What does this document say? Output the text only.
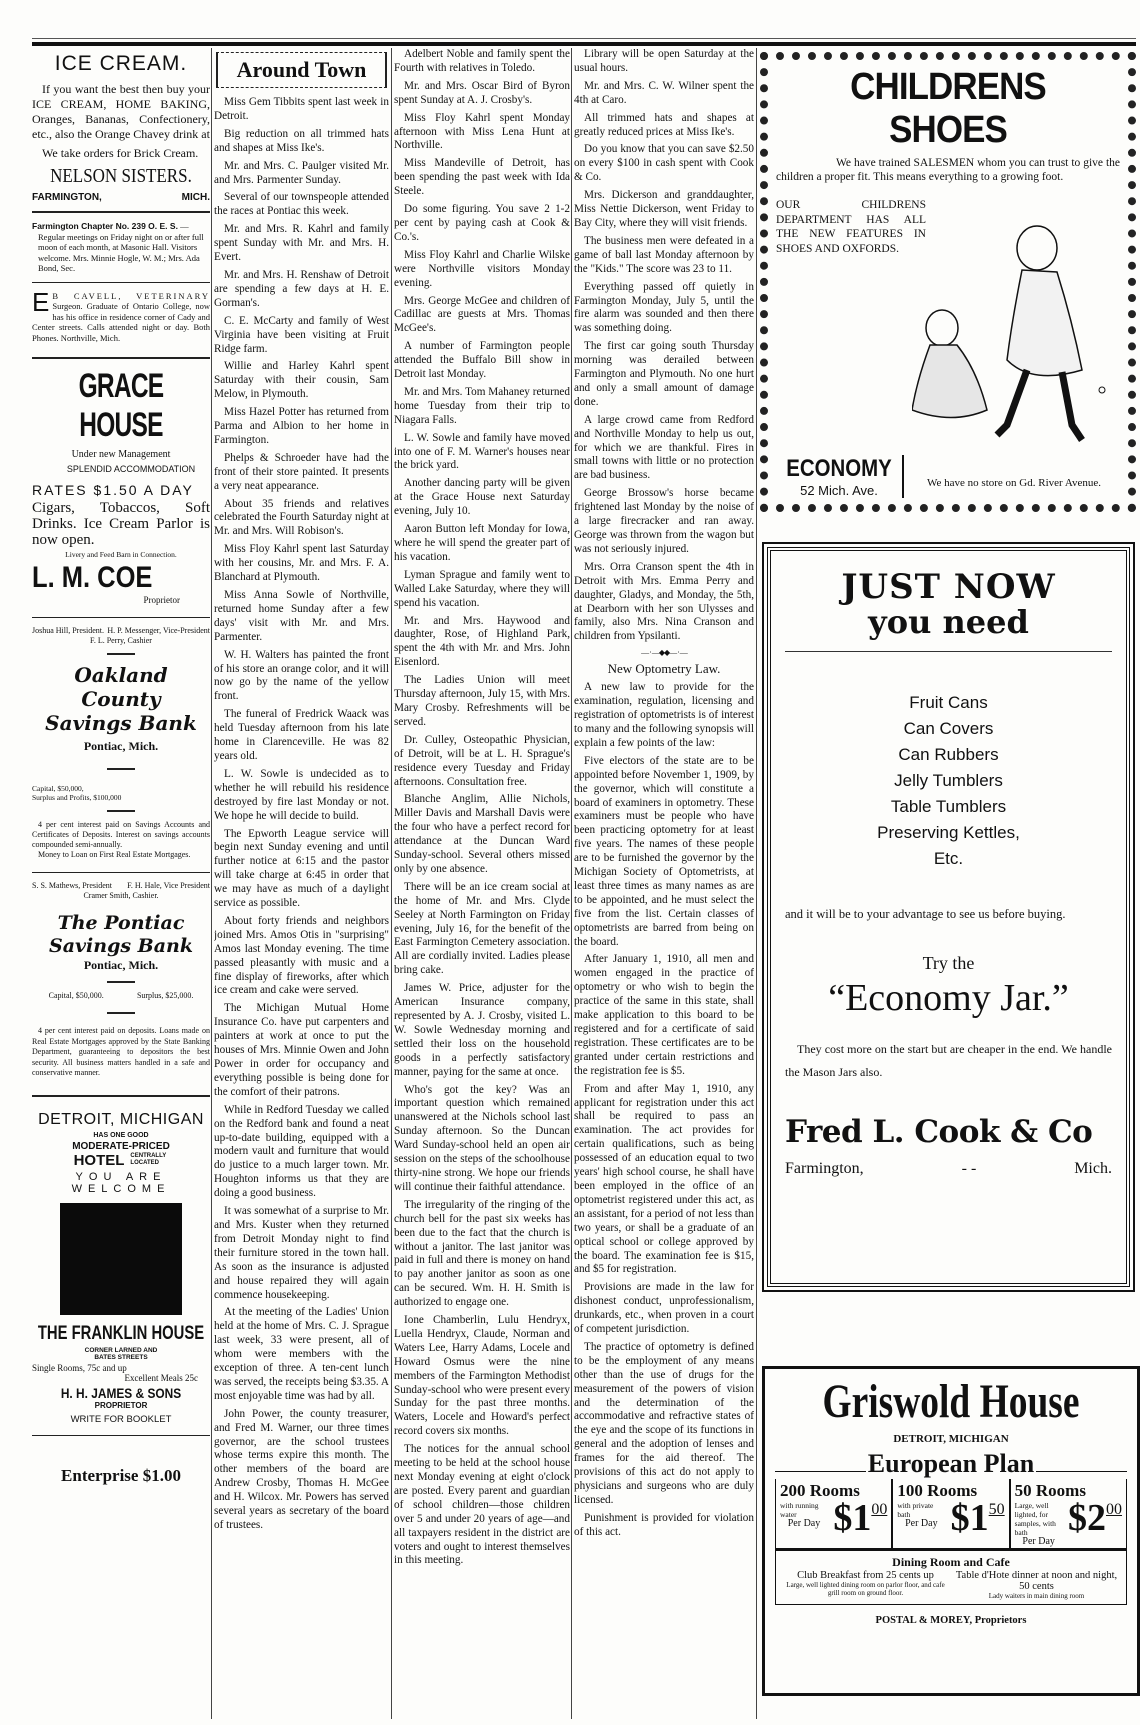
ICE CREAM.

If you want the best then buy your ICE CREAM, HOME BAKING, Oranges, Bananas, Confectionery, etc., also the Orange Chavey drink at

We take orders for Brick Cream.

NELSON SISTERS.
FARMINGTON,	MICH.
Farmington Chapter No. 239 O. E. S. —Regular meetings on Friday night on or after full moon of each month, at Masonic Hall. Visitors welcome. Mrs. Minnie Hogle, W. M.; Mrs. Ada Bond, Sec.
E B CAVELL, VETERINARY Surgeon. Graduate of Ontario College, now has his office in residence corner of Cady and Center streets. Calls attended night or day. Both Phones. Northville, Mich.
GRACE HOUSE
Under new Management
SPLENDID ACCOMMODATION
RATES $1.50 A DAY

Cigars, Tobaccos, Soft Drinks. Ice Cream Parlor is now open.

Livery and Feed Barn in Connection.
L. M. COE
Proprietor
Joshua Hill, President. H. P. Messenger, Vice-President
F. L. Perry, Cashier
Oakland County
Savings Bank
Pontiac, Mich.
Capital, $50,000,
Surplus and Profits, $100,000

4 per cent interest paid on Savings Accounts and Certificates of Deposits. Interest on savings accounts compounded semi-annually.

Money to Loan on First Real Estate Mortgages.

S. S. Mathews, President F. H. Hale, Vice President
Cramer Smith, Cashier.
The Pontiac
Savings Bank
Pontiac, Mich.
Capital, $50,000.	Surplus, $25,000.

4 per cent interest paid on deposits. Loans made on Real Estate Mortgages approved by the State Banking Department, guaranteeing to depositors the best security. All business matters handled in a safe and conservative manner.

DETROIT, MICHIGAN
HAS ONE GOOD
MODERATE-PRICED
HOTEL CENTRALLY LOCATED
YOU ARE WELCOME
THE FRANKLIN HOUSE
CORNER LARNED AND BATES STREETS
Single Rooms, 75c and up
Excellent Meals 25c
H. H. JAMES & SONS
PROPRIETOR
WRITE FOR BOOKLET
Enterprise $1.00
Around Town

Miss Gem Tibbits spent last week in Detroit.

Big reduction on all trimmed hats and shapes at Miss Ike's.

Mr. and Mrs. C. Paulger visited Mr. and Mrs. Parmenter Sunday.

Several of our townspeople attended the races at Pontiac this week.

Mr. and Mrs. R. Kahrl and family spent Sunday with Mr. and Mrs. H. Evert.

Mr. and Mrs. H. Renshaw of Detroit are spending a few days at H. E. Gorman's.

C. E. McCarty and family of West Virginia have been visiting at Fruit Ridge farm.

Willie and Harley Kahrl spent Saturday with their cousin, Sam Melow, in Plymouth.

Miss Hazel Potter has returned from Parma and Albion to her home in Farmington.

Phelps & Schroeder have had the front of their store painted. It presents a very neat appearance.

About 35 friends and relatives celebrated the Fourth Saturday night at Mr. and Mrs. Will Robison's.

Miss Floy Kahrl spent last Saturday with her cousins, Mr. and Mrs. F. A. Blanchard at Plymouth.

Miss Anna Sowle of Northville, returned home Sunday after a few days' visit with Mr. and Mrs. Parmenter.

W. H. Walters has painted the front of his store an orange color, and it will now go by the name of the yellow front.

The funeral of Fredrick Waack was held Tuesday afternoon from his late home in Clarenceville. He was 82 years old.

L. W. Sowle is undecided as to whether he will rebuild his residence destroyed by fire last Monday or not. We hope he will decide to build.

The Epworth League service will begin next Sunday evening and until further notice at 6:15 and the pastor will take charge at 6:45 in order that we may have as much of a daylight service as possible.

About forty friends and neighbors joined Mrs. Amos Otis in "surprising" Amos last Monday evening. The time passed pleasantly with music and a fine display of fireworks, after which ice cream and cake were served.

The Michigan Mutual Home Insurance Co. have put carpenters and painters at work at once to put the houses of Mrs. Minnie Owen and John Power in order for occupancy and everything possible is being done for the comfort of their patrons.

While in Redford Tuesday we called on the Redford bank and found a neat up-to-date building, equipped with a modern vault and furniture that would do justice to a much larger town. Mr. Houghton informs us that they are doing a good business.

It was somewhat of a surprise to Mr. and Mrs. Kuster when they returned from Detroit Monday night to find their furniture stored in the town hall. As soon as the insurance is adjusted and house repaired they will again commence housekeeping.

At the meeting of the Ladies' Union held at the home of Mrs. C. J. Sprague last week, 33 were present, all of whom were members with the exception of three. A ten-cent lunch was served, the receipts being $3.35. A most enjoyable time was had by all.

John Power, the county treasurer, and Fred M. Warner, our three times governor, are the school trustees whose terms expire this month. The other members of the board are Andrew Crosby, Thomas H. McGee and H. Wilcox. Mr. Powers has served several years as secretary of the board of trustees.

Adelbert Noble and family spent the Fourth with relatives in Toledo.

Mr. and Mrs. Oscar Bird of Byron spent Sunday at A. J. Crosby's.

Miss Floy Kahrl spent Monday afternoon with Miss Lena Hunt at Northville.

Miss Mandeville of Detroit, has been spending the past week with Ida Steele.

Do some figuring. You save 2 1-2 per cent by paying cash at Cook & Co.'s.

Miss Floy Kahrl and Charlie Wilske were Northville visitors Monday evening.

Mrs. George McGee and children of Cadillac are guests at Mrs. Thomas McGee's.

A number of Farmington people attended the Buffalo Bill show in Detroit last Monday.

Mr. and Mrs. Tom Mahaney returned home Tuesday from their trip to Niagara Falls.

L. W. Sowle and family have moved into one of F. M. Warner's houses near the brick yard.

Another dancing party will be given at the Grace House next Saturday evening, July 10.

Aaron Button left Monday for Iowa, where he will spend the greater part of his vacation.

Lyman Sprague and family went to Walled Lake Saturday, where they will spend his vacation.

Mr. and Mrs. Haywood and daughter, Rose, of Highland Park, spent the 4th with Mr. and Mrs. John Eisenlord.

The Ladies Union will meet Thursday afternoon, July 15, with Mrs. Mary Crosby. Refreshments will be served.

Dr. Culley, Osteopathic Physician, of Detroit, will be at L. H. Sprague's residence every Tuesday and Friday afternoons. Consultation free.

Blanche Anglim, Allie Nichols, Miller Davis and Marshall Davis were the four who have a perfect record for attendance at the Duncan Ward Sunday-school. Several others missed only by one absence.

There will be an ice cream social at the home of Mr. and Mrs. Clyde Seeley at North Farmington on Friday evening, July 16, for the benefit of the East Farmington Cemetery association. All are cordially invited. Ladies please bring cake.

James W. Price, adjuster for the American Insurance company, represented by A. J. Crosby, visited L. W. Sowle Wednesday morning and settled their loss on the household goods in a perfectly satisfactory manner, paying for the same at once.

Who's got the key? Was an important question which remained unanswered at the Nichols school last Sunday afternoon. So the Duncan Ward Sunday-school held an open air session on the steps of the schoolhouse thirty-nine strong. We hope our friends will continue their faithful attendance.

The irregularity of the ringing of the church bell for the past six weeks has been due to the fact that the church is without a janitor. The last janitor was paid in full and there is money on hand to pay another janitor as soon as one can be secured. Wm. H. H. Smith is authorized to engage one.

Ione Chamberlin, Lulu Hendryx, Luella Hendryx, Claude, Norman and Waters Lee, Harry Adams, Locele and Howard Osmus were the nine members of the Farmington Methodist Sunday-school who were present every Sunday for the past three months. Waters, Locele and Howard's perfect record covers six months.

The notices for the annual school meeting to be held at the school house next Monday evening at eight o'clock are posted. Every parent and guardian of school children—those children over 5 and under 20 years of age—and all taxpayers resident in the district are voters and ought to interest themselves in this meeting.

Library will be open Saturday at the usual hours.

Mr. and Mrs. C. W. Wilner spent the 4th at Caro.

All trimmed hats and shapes at greatly reduced prices at Miss Ike's.

Do you know that you can save $2.50 on every $100 in cash spent with Cook & Co.

Mrs. Dickerson and granddaughter, Miss Nettie Dickerson, went Friday to Bay City, where they will visit friends.

The business men were defeated in a game of ball last Monday afternoon by the "Kids." The score was 23 to 11.

Everything passed off quietly in Farmington Monday, July 5, until the fire alarm was sounded and then there was something doing.

The first car going south Thursday morning was derailed between Farmington and Plymouth. No one hurt and only a small amount of damage done.

A large crowd came from Redford and Northville Monday to help us out, for which we are thankful. Fires in small towns with little or no protection are bad business.

George Brossow's horse became frightened last Monday by the noise of a large firecracker and ran away. George was thrown from the wagon but was not seriously injured.

Mrs. Orra Cranson spent the 4th in Detroit with Mrs. Emma Perry and daughter, Gladys, and Monday, the 5th, at Dearborn with her son Ulysses and family, also Mrs. Nina Cranson and children from Ypsilanti.

— · —◆◆— · —
New Optometry Law.

A new law to provide for the examination, regulation, licensing and registration of optometrists is of interest to many and the following synopsis will explain a few points of the law:

Five electors of the state are to be appointed before November 1, 1909, by the governor, which will constitute a board of examiners in optometry. These examiners must be people who have been practicing optometry for at least five years. The names of these people are to be furnished the governor by the Michigan Society of Optometrists, at least three times as many names as are to be appointed, and he must select the five from the list. Certain classes of optometrists are barred from being on the board.

After January 1, 1910, all men and women engaged in the practice of optometry or who wish to begin the practice of the same in this state, shall make application to this board to be registered and for a certificate of said registration. These certificates are to be granted under certain restrictions and the registration fee is $5.

From and after May 1, 1910, any applicant for registration under this act shall be required to pass an examination. The act provides for certain qualifications, such as being possessed of an education equal to two years' high school course, he shall have been employed in the office of an optometrist registered under this act, as an assistant, for a period of not less than two years, or shall be a graduate of an optical school or college approved by the board. The examination fee is $15, and $5 for registration.

Provisions are made in the law for dishonest conduct, unprofessionalism, drunkards, etc., when proven in a court of competent jurisdiction.

The practice of optometry is defined to be the employment of any means other than the use of drugs for the measurement of the powers of vision and the determination of the accommodative and refractive states of the eye and the scope of its functions in general and the adoption of lenses and frames for the aid thereof. The provisions of this act do not apply to physicians and surgeons who are duly licensed.

Punishment is provided for violation of this act.

CHILDRENS SHOES

We have trained SALESMEN whom you can trust to give the children a proper fit. This means everything to a growing foot.

OUR CHILDRENS DEPARTMENT HAS ALL THE NEW FEATURES IN SHOES AND OXFORDS.

ECONOMY
52 Mich. Ave.	We have no store on Gd. River Avenue.
JUST NOW
you need
Fruit Cans
Can Covers
Can Rubbers
Jelly Tumblers
Table Tumblers
Preserving Kettles,
Etc.

and it will be to your advantage to see us before buying.

Try the
“Economy Jar.”

They cost more on the start but are cheaper in the end. We handle the Mason Jars also.

Fred L. Cook & Co
Farmington,	- -	Mich.
Griswold House
DETROIT, MICHIGAN
European Plan
200 Rooms
with running water
Per Day $100
100 Rooms
with private bath
Per Day $150
50 Rooms
Large, well lighted, for samples, with bath
Per Day
$200
Dining Room and Cafe
Club Breakfast from 25 cents up
Large, well lighted dining room on parlor floor, and cafe grill room on ground floor.
Table d'Hote dinner at noon and night, 50 cents
Lady waiters in main dining room
POSTAL & MOREY, Proprietors
